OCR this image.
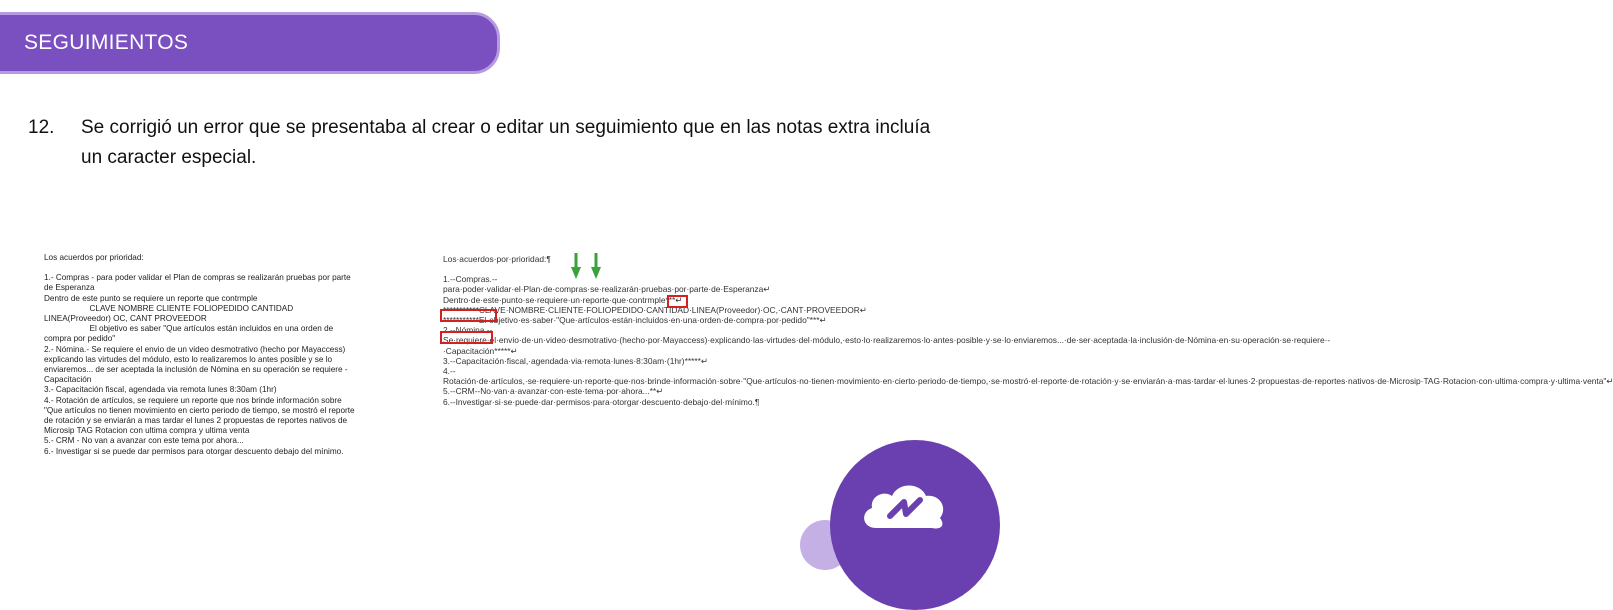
SEGUIMIENTOS
12.	Se corrigió un error que se presentaba al crear o editar un seguimiento que en las notas extra incluía un caracter especial.

Los acuerdos por prioridad:

1.- Compras - para poder validar el Plan de compras se realizarán pruebas por parte de Esperanza

Dentro de este punto se requiere un reporte que contrmple

CLAVE NOMBRE CLIENTE FOLIOPEDIDO CANTIDAD LINEA(Proveedor) OC, CANT PROVEEDOR

El objetivo es saber "Que artículos están incluidos en una orden de compra por pedido"

2.- Nómina.- Se requiere el envio de un video desmotrativo (hecho por Mayaccess) explicando las virtudes del módulo, esto lo realizaremos lo antes posible y se lo enviaremos... de ser aceptada la inclusión de Nómina en su operación se requiere - Capacitación

3.- Capacitación fiscal, agendada via remota lunes 8:30am (1hr)

4.- Rotación de artículos, se requiere un reporte que nos brinde información sobre "Que artículos no tienen movimiento en cierto periodo de tiempo, se mostró el reporte de rotación y se enviarán a mas tardar el lunes 2 propuestas de reportes nativos de Microsip TAG Rotacion con ultima compra y ultima venta

5.- CRM - No van a avanzar con este tema por ahora...

6.- Investigar si se puede dar permisos para otorgar descuento debajo del mínimo.

Los·acuerdos·por·prioridad:¶

1.--Compras.--para·poder·validar·el·Plan·de·compras·se·realizarán·pruebas·por·parte·de·Esperanza↵

Dentro·de·este·punto·se·requiere·un·reporte·que·contrmple***↵

***********CLAVE·NOMBRE·CLIENTE·FOLIOPEDIDO·CANTIDAD·LINEA(Proveedor)·OC,·CANT·PROVEEDOR↵

***********El·objetivo·es·saber·"Que·artículos·están·incluidos·en·una·orden·de·compra·por·pedido"***↵

2.--Nómina.--Se·requiere·el·envio·de·un·video·desmotrativo·(hecho·por·Mayaccess)·explicando·las·virtudes·del·módulo,·esto·lo·realizaremos·lo·antes·posible·y·se·lo·enviaremos...·de·ser·aceptada·la·inclusión·de·Nómina·en·su·operación·se·requiere·-·Capacitación*****↵

3.--Capacitación·fiscal,·agendada·via·remota·lunes·8:30am·(1hr)*****↵

4.--Rotación·de·artículos,·se·requiere·un·reporte·que·nos·brinde·información·sobre·"Que·artículos·no·tienen·movimiento·en·cierto·periodo·de·tiempo,·se·mostró·el·reporte·de·rotación·y·se·enviarán·a·mas·tardar·el·lunes·2·propuestas·de·reportes·nativos·de·Microsip·TAG·Rotacion·con·ultima·compra·y·ultima·venta"↵

5.--CRM--No·van·a·avanzar·con·este·tema·por·ahora...**↵

6.--Investigar·si·se·puede·dar·permisos·para·otorgar·descuento·debajo·del·mínimo.¶
